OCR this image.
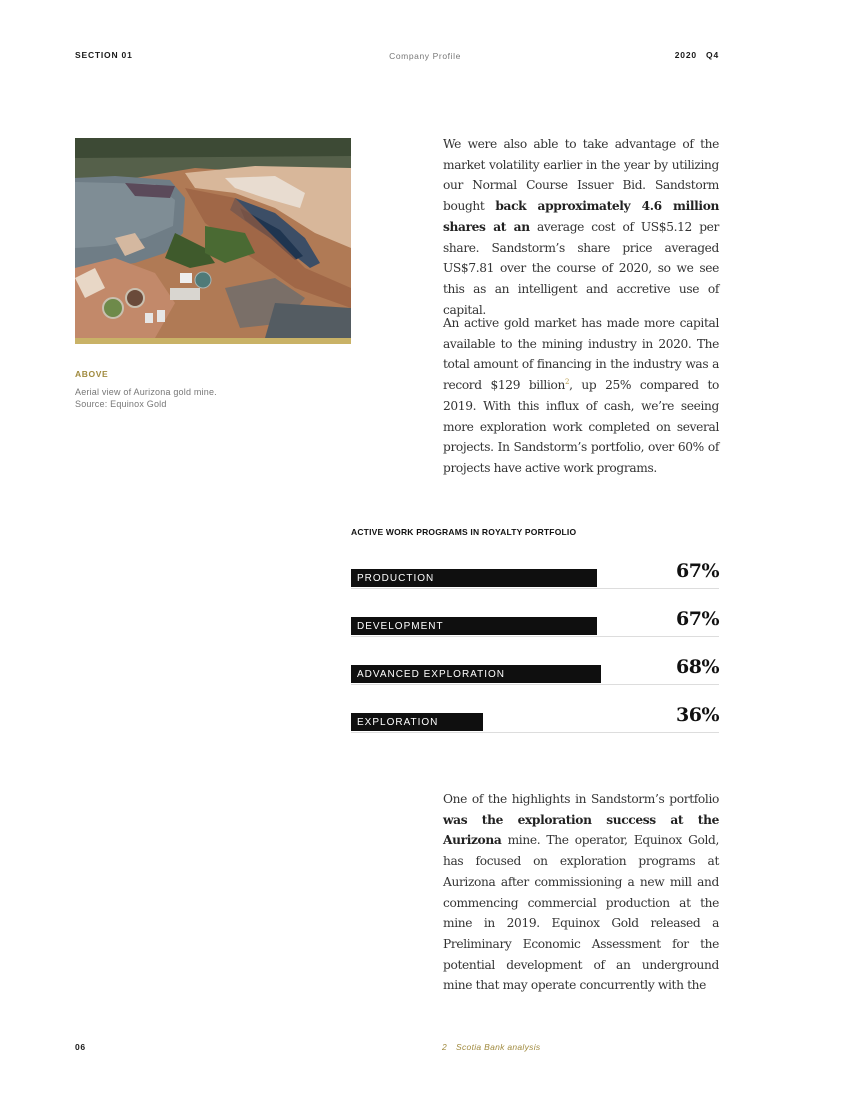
SECTION 01	Company Profile	2020 Q4
ABOVE
Aerial view of Aurizona gold mine. Source: Equinox Gold

We were also able to take advantage of the market volatility earlier in the year by utilizing our Normal Course Issuer Bid. Sandstorm bought back approximately 4.6 million shares at an average cost of US$5.12 per share. Sandstorm’s share price averaged US$7.81 over the course of 2020, so we see this as an intelligent and accretive use of capital.

An active gold market has made more capital available to the mining industry in 2020. The total amount of financing in the industry was a record $129 billion$^2$, up 25% compared to 2019. With this influx of cash, we’re seeing more exploration work completed on several projects. In Sandstorm’s portfolio, over 60% of projects have active work programs.

ACTIVE WORK PROGRAMS IN ROYALTY PORTFOLIO
PRODUCTION	67%
DEVELOPMENT	67%
ADVANCED EXPLORATION	68%
EXPLORATION	36%

One of the highlights in Sandstorm’s portfolio was the exploration success at the Aurizona mine. The operator, Equinox Gold, has focused on exploration programs at Aurizona after commissioning a new mill and commencing commercial production at the mine in 2019. Equinox Gold released a Preliminary Economic Assessment for the potential development of an underground mine that may operate concurrently with the

06	2 Scotia Bank analysis
